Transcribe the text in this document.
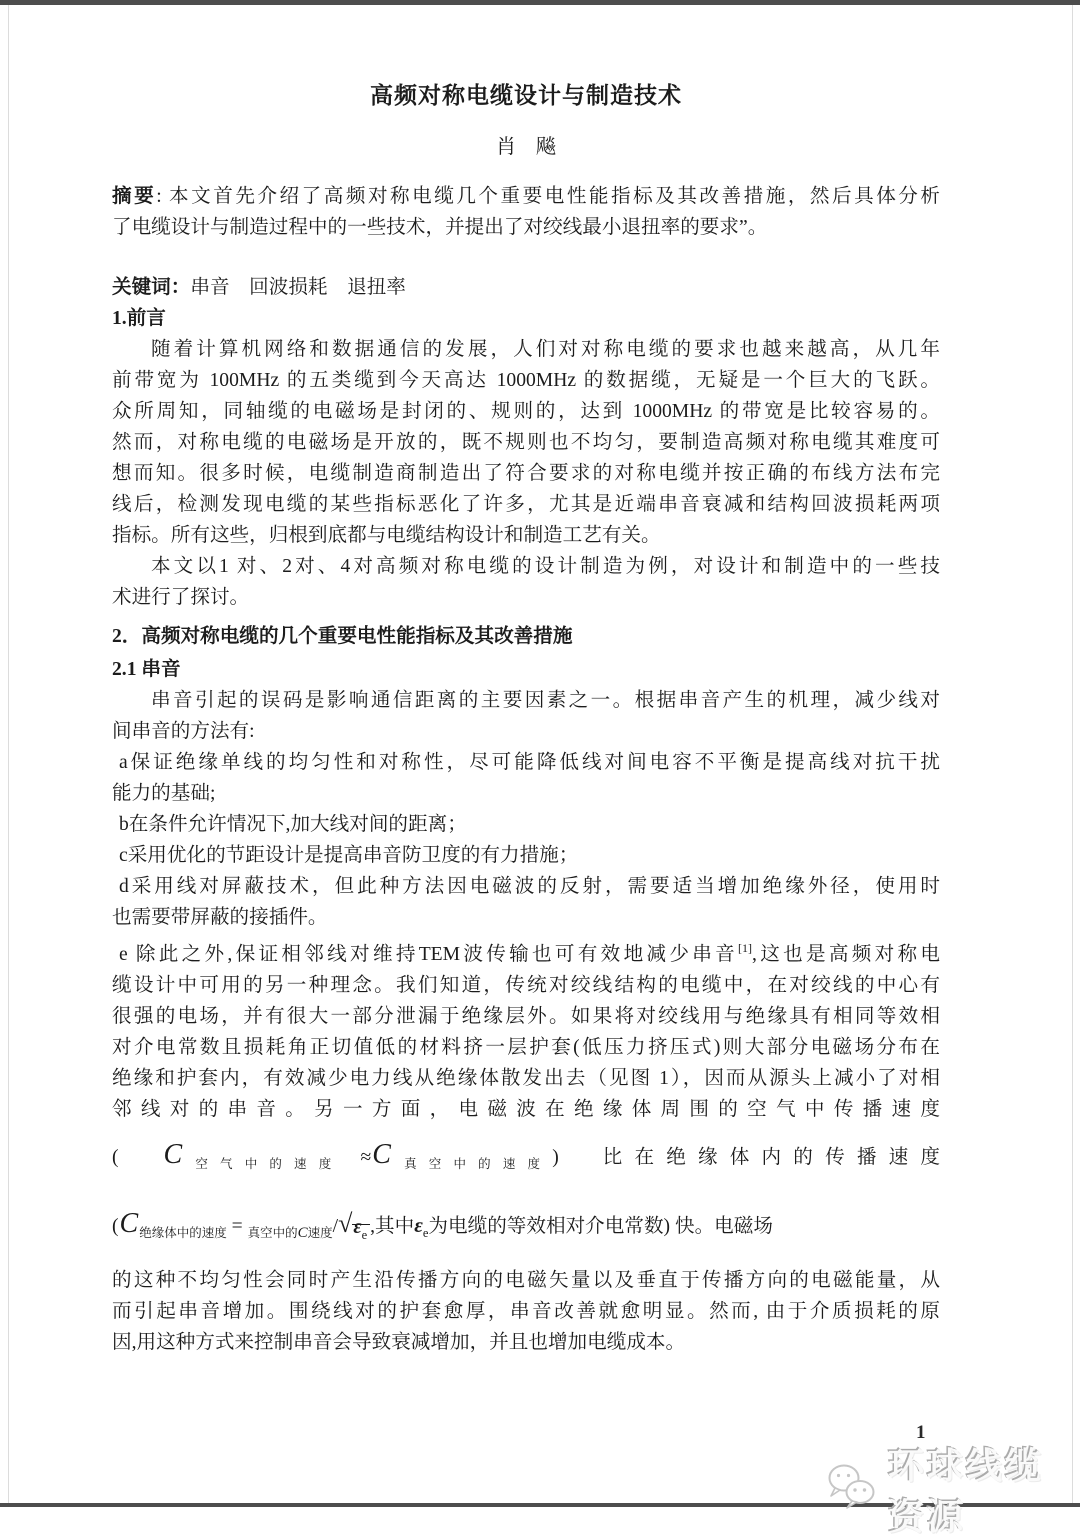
高频对称电缆设计与制造技术
肖　飚
摘要: 本文首先介绍了高频对称电缆几个重要电性能指标及其改善措施，然后具体分析
了电缆设计与制造过程中的一些技术，并提出了对绞线最小退扭率的要求”。
关键词：串音　回波损耗　退扭率
1.前言
随着计算机网络和数据通信的发展，人们对对称电缆的要求也越来越高，从几年
前带宽为 100MHz 的五类缆到今天高达 1000MHz 的数据缆，无疑是一个巨大的飞跃。
众所周知，同轴缆的电磁场是封闭的、规则的，达到 1000MHz 的带宽是比较容易的。
然而，对称电缆的电磁场是开放的，既不规则也不均匀，要制造高频对称电缆其难度可
想而知。很多时候，电缆制造商制造出了符合要求的对称电缆并按正确的布线方法布完
线后，检测发现电缆的某些指标恶化了许多，尤其是近端串音衰减和结构回波损耗两项
指标。所有这些，归根到底都与电缆结构设计和制造工艺有关。
本文以1 对、2对、4对高频对称电缆的设计制造为例，对设计和制造中的一些技
术进行了探讨。
2．高频对称电缆的几个重要电性能指标及其改善措施
2.1 串音
串音引起的误码是影响通信距离的主要因素之一。根据串音产生的机理，减少线对
间串音的方法有:
a保证绝缘单线的均匀性和对称性，尽可能降低线对间电容不平衡是提高线对抗干扰
能力的基础;
b在条件允许情况下,加大线对间的距离；
c采用优化的节距设计是提高串音防卫度的有力措施；
d采用线对屏蔽技术，但此种方法因电磁波的反射，需要适当增加绝缘外径，使用时
也需要带屏蔽的接插件。
e 除此之外,保证相邻线对维持TEM波传输也可有效地减少串音[1],这也是高频对称电
缆设计中可用的另一种理念。我们知道，传统对绞线结构的电缆中，在对绞线的中心有
很强的电场，并有很大一部分泄漏于绝缘层外。如果将对绞线用与绝缘具有相同等效相
对介电常数且损耗角正切值低的材料挤一层护套(低压力挤压式)则大部分电磁场分布在
绝缘和护套内，有效减少电力线从绝缘体散发出去（见图 1），因而从源头上减小了对相
邻线对的串音。另一方面，电磁波在绝缘体周围的空气中传播速度
(　$C_{空气中的速度} \approx C_{真空中的速度}$)　比在绝缘体内的传播速度
($C_{绝缘体中的速度} = _{真空中的C速度}/√\varepsilon_e$ ,其中$\varepsilon_e$为电缆的等效相对介电常数) 快。电磁场
的这种不均匀性会同时产生沿传播方向的电磁矢量以及垂直于传播方向的电磁能量，从
而引起串音增加。围绕线对的护套愈厚，串音改善就愈明显。然而, 由于介质损耗的原
因,用这种方式来控制串音会导致衰减增加，并且也增加电缆成本。
1
环球线缆资源
